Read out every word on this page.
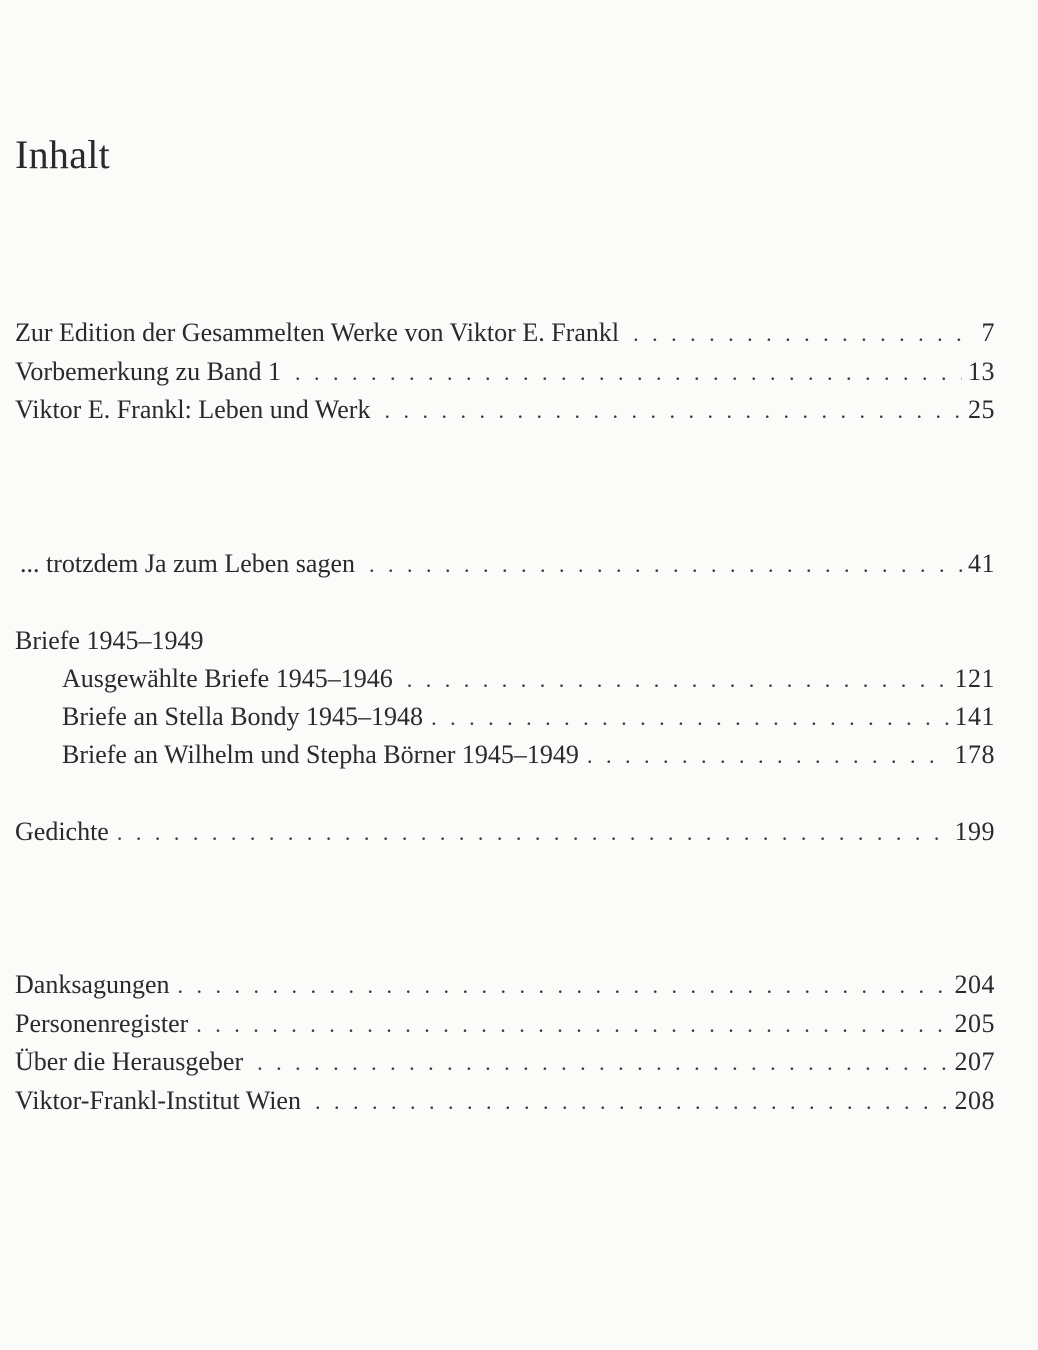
Inhalt
Zur Edition der Gesammelten Werke von Viktor E. Frankl . . .	7
Vorbemerkung zu Band 1 . . .	13
Viktor E. Frankl: Leben und Werk . . .	25
... trotzdem Ja zum Leben sagen . . .	41
Briefe 1945–1949
Ausgewählte Briefe 1945–1946 . . .	121
Briefe an Stella Bondy 1945–1948 . . .	141
Briefe an Wilhelm und Stepha Börner 1945–1949 . . .	178
Gedichte . . .	199
Danksagungen . . .	204
Personenregister . . .	205
Über die Herausgeber . . .	207
Viktor-Frankl-Institut Wien . . .	208
